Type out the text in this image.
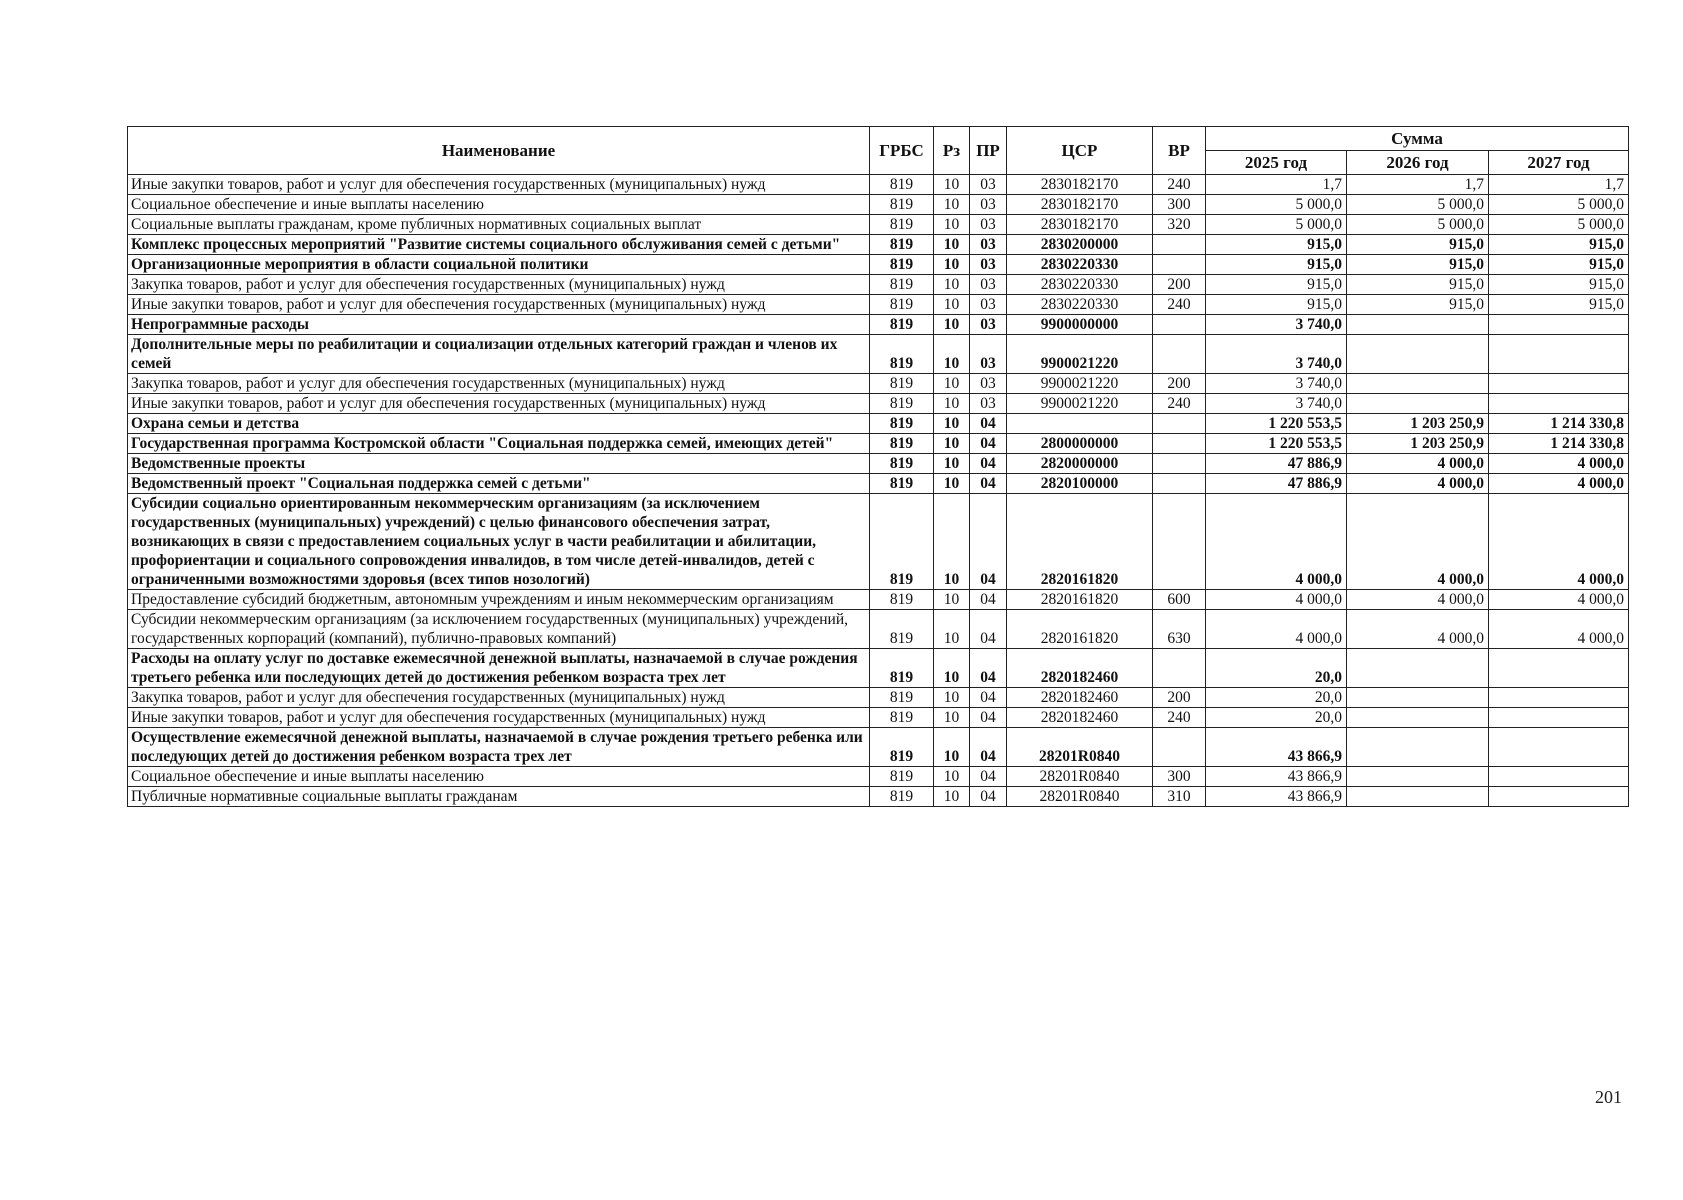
Наименование	ГРБС	Рз	ПР	ЦСР	ВР	Сумма		
						2025 год	2026 год	2027 год
Иные закупки товаров, работ и услуг для обеспечения государственных (муниципальных) нужд	819	10	03	2830182170	240	1,7	1,7	1,7
Социальное обеспечение и иные выплаты населению	819	10	03	2830182170	300	5 000,0	5 000,0	5 000,0
Социальные выплаты гражданам, кроме публичных нормативных социальных выплат	819	10	03	2830182170	320	5 000,0	5 000,0	5 000,0
Комплекс процессных мероприятий "Развитие системы социального обслуживания семей с детьми"	819	10	03	2830200000		915,0	915,0	915,0
Организационные мероприятия в области социальной политики	819	10	03	2830220330		915,0	915,0	915,0
Закупка товаров, работ и услуг для обеспечения государственных (муниципальных) нужд	819	10	03	2830220330	200	915,0	915,0	915,0
Иные закупки товаров, работ и услуг для обеспечения государственных (муниципальных) нужд	819	10	03	2830220330	240	915,0	915,0	915,0
Непрограммные расходы	819	10	03	9900000000		3 740,0		
Дополнительные меры по реабилитации и социализации отдельных категорий граждан и членов их семей	819	10	03	9900021220		3 740,0		
Закупка товаров, работ и услуг для обеспечения государственных (муниципальных) нужд	819	10	03	9900021220	200	3 740,0		
Иные закупки товаров, работ и услуг для обеспечения государственных (муниципальных) нужд	819	10	03	9900021220	240	3 740,0		
Охрана семьи и детства	819	10	04			1 220 553,5	1 203 250,9	1 214 330,8
Государственная программа Костромской области "Социальная поддержка семей, имеющих детей"	819	10	04	2800000000		1 220 553,5	1 203 250,9	1 214 330,8
Ведомственные проекты	819	10	04	2820000000		47 886,9	4 000,0	4 000,0
Ведомственный проект "Социальная поддержка семей с детьми"	819	10	04	2820100000		47 886,9	4 000,0	4 000,0
Субсидии социально ориентированным некоммерческим организациям (за исключением государственных (муниципальных) учреждений) с целью финансового обеспечения затрат, возникающих в связи с предоставлением социальных услуг в части реабилитации и абилитации, профориентации и социального сопровождения инвалидов, в том числе детей-инвалидов, детей с ограниченными возможностями здоровья (всех типов нозологий)	819	10	04	2820161820		4 000,0	4 000,0	4 000,0
Предоставление субсидий бюджетным, автономным учреждениям и иным некоммерческим организациям	819	10	04	2820161820	600	4 000,0	4 000,0	4 000,0
Субсидии некоммерческим организациям (за исключением государственных (муниципальных) учреждений, государственных корпораций (компаний), публично-правовых компаний)	819	10	04	2820161820	630	4 000,0	4 000,0	4 000,0
Расходы на оплату услуг по доставке ежемесячной денежной выплаты, назначаемой в случае рождения третьего ребенка или последующих детей до достижения ребенком возраста трех лет	819	10	04	2820182460		20,0		
Закупка товаров, работ и услуг для обеспечения государственных (муниципальных) нужд	819	10	04	2820182460	200	20,0		
Иные закупки товаров, работ и услуг для обеспечения государственных (муниципальных) нужд	819	10	04	2820182460	240	20,0		
Осуществление ежемесячной денежной выплаты, назначаемой в случае рождения третьего ребенка или последующих детей до достижения ребенком возраста трех лет	819	10	04	28201R0840		43 866,9		
Социальное обеспечение и иные выплаты населению	819	10	04	28201R0840	300	43 866,9		
Публичные нормативные социальные выплаты гражданам	819	10	04	28201R0840	310	43 866,9		
201
